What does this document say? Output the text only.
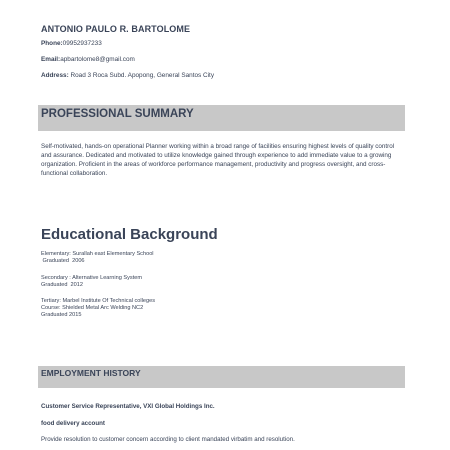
ANTONIO PAULO R. BARTOLOME
Phone:09952937233
Email:apbartolome8@gmail.com
Address: Road 3 Roca Subd. Apopong, General Santos City
PROFESSIONAL SUMMARY
Self-motivated, hands-on operational Planner working within a broad range of facilities ensuring highest levels of quality control and assurance. Dedicated and motivated to utilize knowledge gained through experience to add immediate value to a growing organization. Proficient in the areas of workforce performance management, productivity and progress oversight, and cross-functional collaboration.
Educational Background
Elementary: Surallah east Elementary School
Graduated  2006
Secondary : Alternative Learning System
Graduated  2012
Tertiary: Marbel Institute Of Technical colleges
Course: Shielded Metal Arc Welding NC2
Graduated 2015
EMPLOYMENT HISTORY
Customer Service Representative, VXI Global Holdings Inc.
food delivery account
Provide resolution to customer concern according to client mandated virbatim and resolution.
